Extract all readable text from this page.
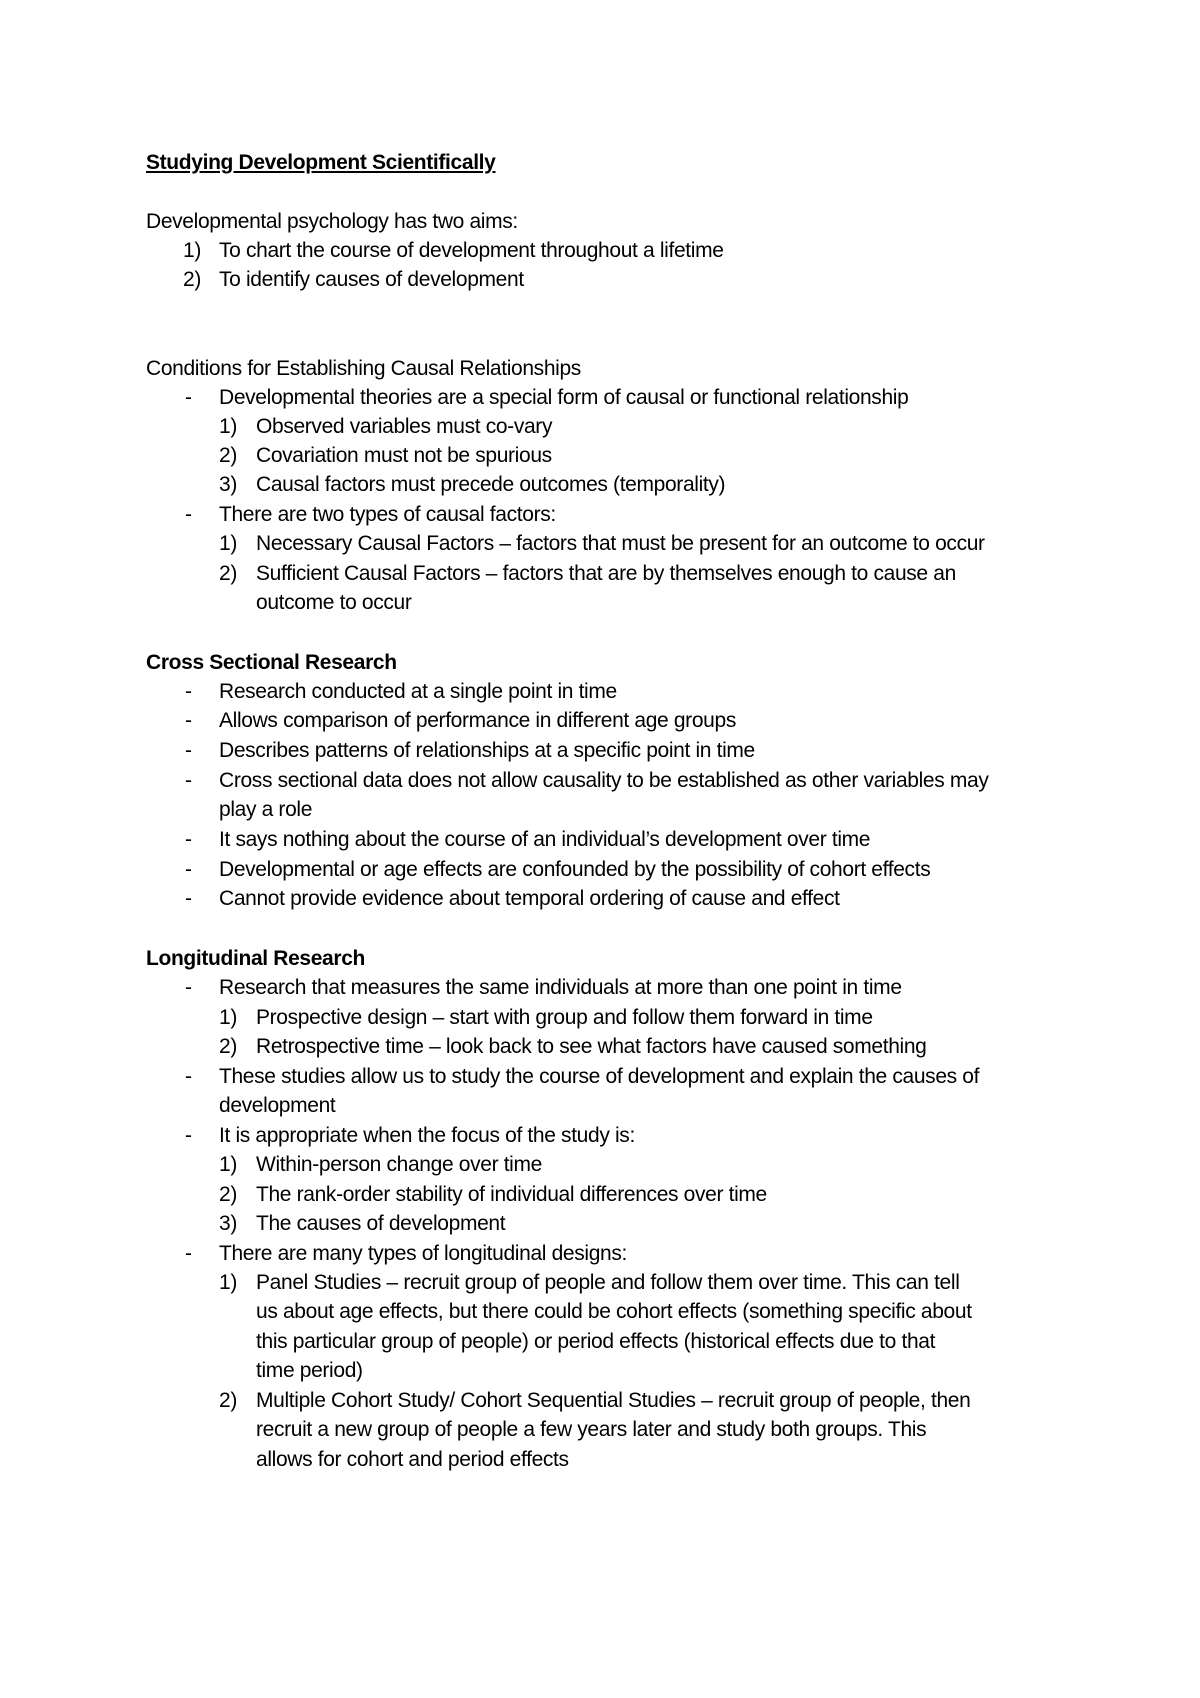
Studying Development Scientifically
Developmental psychology has two aims:
1) To chart the course of development throughout a lifetime
2) To identify causes of development
Conditions for Establishing Causal Relationships
- Developmental theories are a special form of causal or functional relationship
1) Observed variables must co-vary
2) Covariation must not be spurious
3) Causal factors must precede outcomes (temporality)
- There are two types of causal factors:
1) Necessary Causal Factors – factors that must be present for an outcome to occur
2) Sufficient Causal Factors – factors that are by themselves enough to cause an
outcome to occur
Cross Sectional Research
- Research conducted at a single point in time
- Allows comparison of performance in different age groups
- Describes patterns of relationships at a specific point in time
- Cross sectional data does not allow causality to be established as other variables may
play a role
- It says nothing about the course of an individual’s development over time
- Developmental or age effects are confounded by the possibility of cohort effects
- Cannot provide evidence about temporal ordering of cause and effect
Longitudinal Research
- Research that measures the same individuals at more than one point in time
1) Prospective design – start with group and follow them forward in time
2) Retrospective time – look back to see what factors have caused something
- These studies allow us to study the course of development and explain the causes of
development
- It is appropriate when the focus of the study is:
1) Within-person change over time
2) The rank-order stability of individual differences over time
3) The causes of development
- There are many types of longitudinal designs:
1) Panel Studies – recruit group of people and follow them over time. This can tell
us about age effects, but there could be cohort effects (something specific about
this particular group of people) or period effects (historical effects due to that
time period)
2) Multiple Cohort Study/ Cohort Sequential Studies – recruit group of people, then
recruit a new group of people a few years later and study both groups. This
allows for cohort and period effects
